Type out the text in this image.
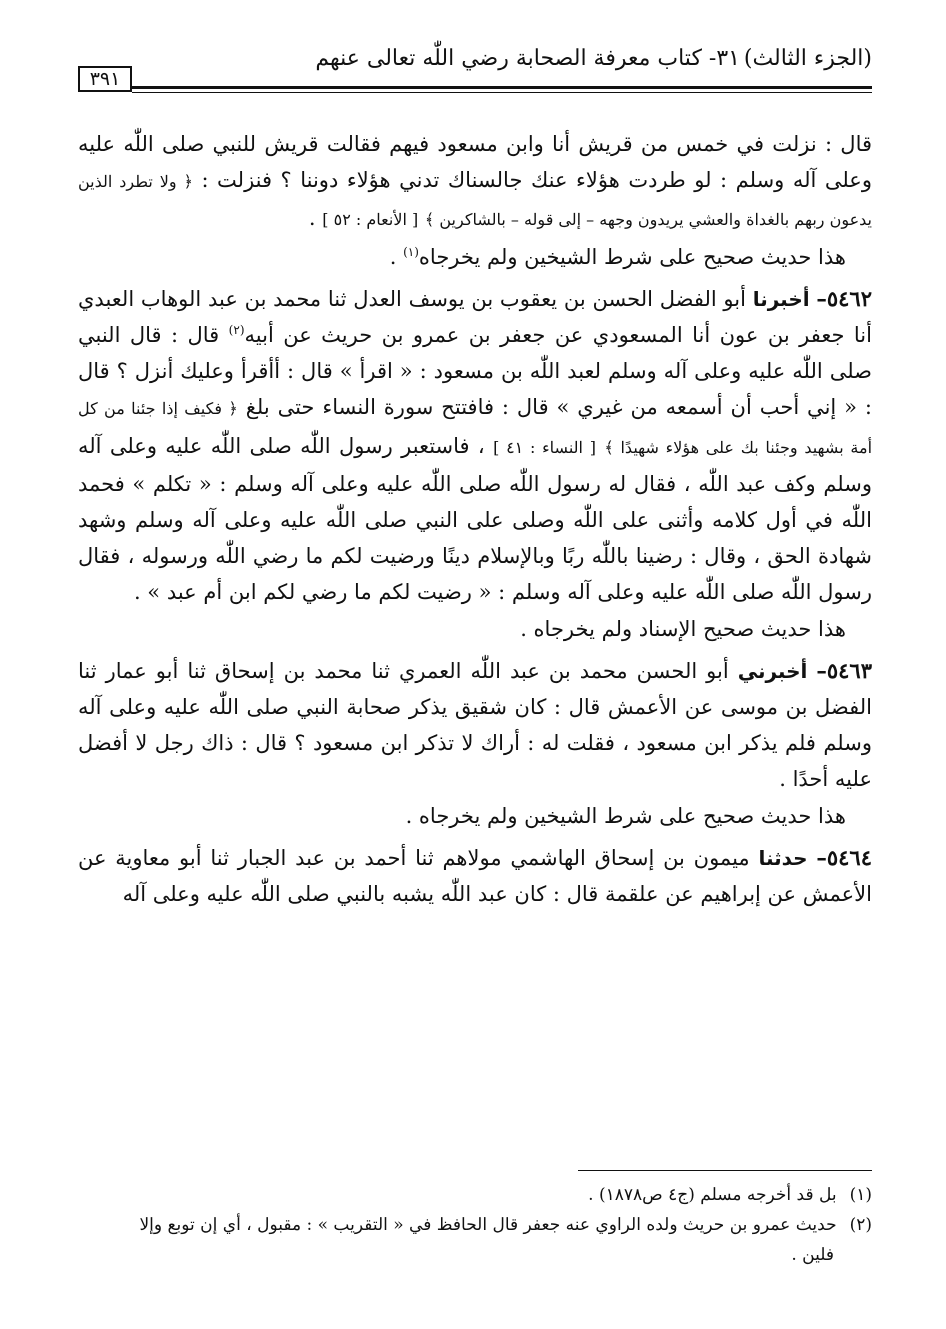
(الجزء الثالث)
٣١- كتاب معرفة الصحابة رضي اللّٰه تعالى عنهم
٣٩١

قال : نزلت في خمس من قريش أنا وابن مسعود فيهم فقالت قريش للنبي صلى اللّٰه عليه وعلى آله وسلم : لو طردت هؤلاء عنك جالسناك تدني هؤلاء دوننا ؟ فنزلت : ﴿ ولا تطرد الذين يدعون ربهم بالغداة والعشي يريدون وجهه – إلى قوله – بالشاكرين ﴾ [ الأنعام : ٥٢ ] .

هذا حديث صحيح على شرط الشيخين ولم يخرجاه$^{(١)}$ .

٥٤٦٢– أخبرنا أبو الفضل الحسن بن يعقوب بن يوسف العدل ثنا محمد بن عبد الوهاب العبدي أنا جعفر بن عون أنا المسعودي عن جعفر بن عمرو بن حريث عن أبيه$^{(٢)}$ قال : قال النبي صلى اللّٰه عليه وعلى آله وسلم لعبد اللّٰه بن مسعود : « اقرأ » قال : أأقرأ وعليك أنزل ؟ قال : « إني أحب أن أسمعه من غيري » قال : فافتتح سورة النساء حتى بلغ ﴿ فكيف إذا جئنا من كل أمة بشهيد وجئنا بك على هؤلاء شهيدًا ﴾ [ النساء : ٤١ ] ، فاستعبر رسول اللّٰه صلى اللّٰه عليه وعلى آله وسلم وكف عبد اللّٰه ، فقال له رسول اللّٰه صلى اللّٰه عليه وعلى آله وسلم : « تكلم » فحمد اللّٰه في أول كلامه وأثنى على اللّٰه وصلى على النبي صلى اللّٰه عليه وعلى آله وسلم وشهد شهادة الحق ، وقال : رضينا باللّٰه ربًا وبالإسلام دينًا ورضيت لكم ما رضي اللّٰه ورسوله ، فقال رسول اللّٰه صلى اللّٰه عليه وعلى آله وسلم : « رضيت لكم ما رضي لكم ابن أم عبد » .

هذا حديث صحيح الإسناد ولم يخرجاه .

٥٤٦٣– أخبرني أبو الحسن محمد بن عبد اللّٰه العمري ثنا محمد بن إسحاق ثنا أبو عمار ثنا الفضل بن موسى عن الأعمش قال : كان شقيق يذكر صحابة النبي صلى اللّٰه عليه وعلى آله وسلم فلم يذكر ابن مسعود ، فقلت له : أراك لا تذكر ابن مسعود ؟ قال : ذاك رجل لا أفضل عليه أحدًا .

هذا حديث صحيح على شرط الشيخين ولم يخرجاه .

٥٤٦٤– حدثنا ميمون بن إسحاق الهاشمي مولاهم ثنا أحمد بن عبد الجبار ثنا أبو معاوية عن الأعمش عن إبراهيم عن علقمة قال : كان عبد اللّٰه يشبه بالنبي صلى اللّٰه عليه وعلى آله

(١) بل قد أخرجه مسلم (ج٤ ص١٨٧٨) .

(٢) حديث عمرو بن حريث ولده الراوي عنه جعفر قال الحافظ في « التقريب » : مقبول ، أي إن توبع وإلا

فلين .
